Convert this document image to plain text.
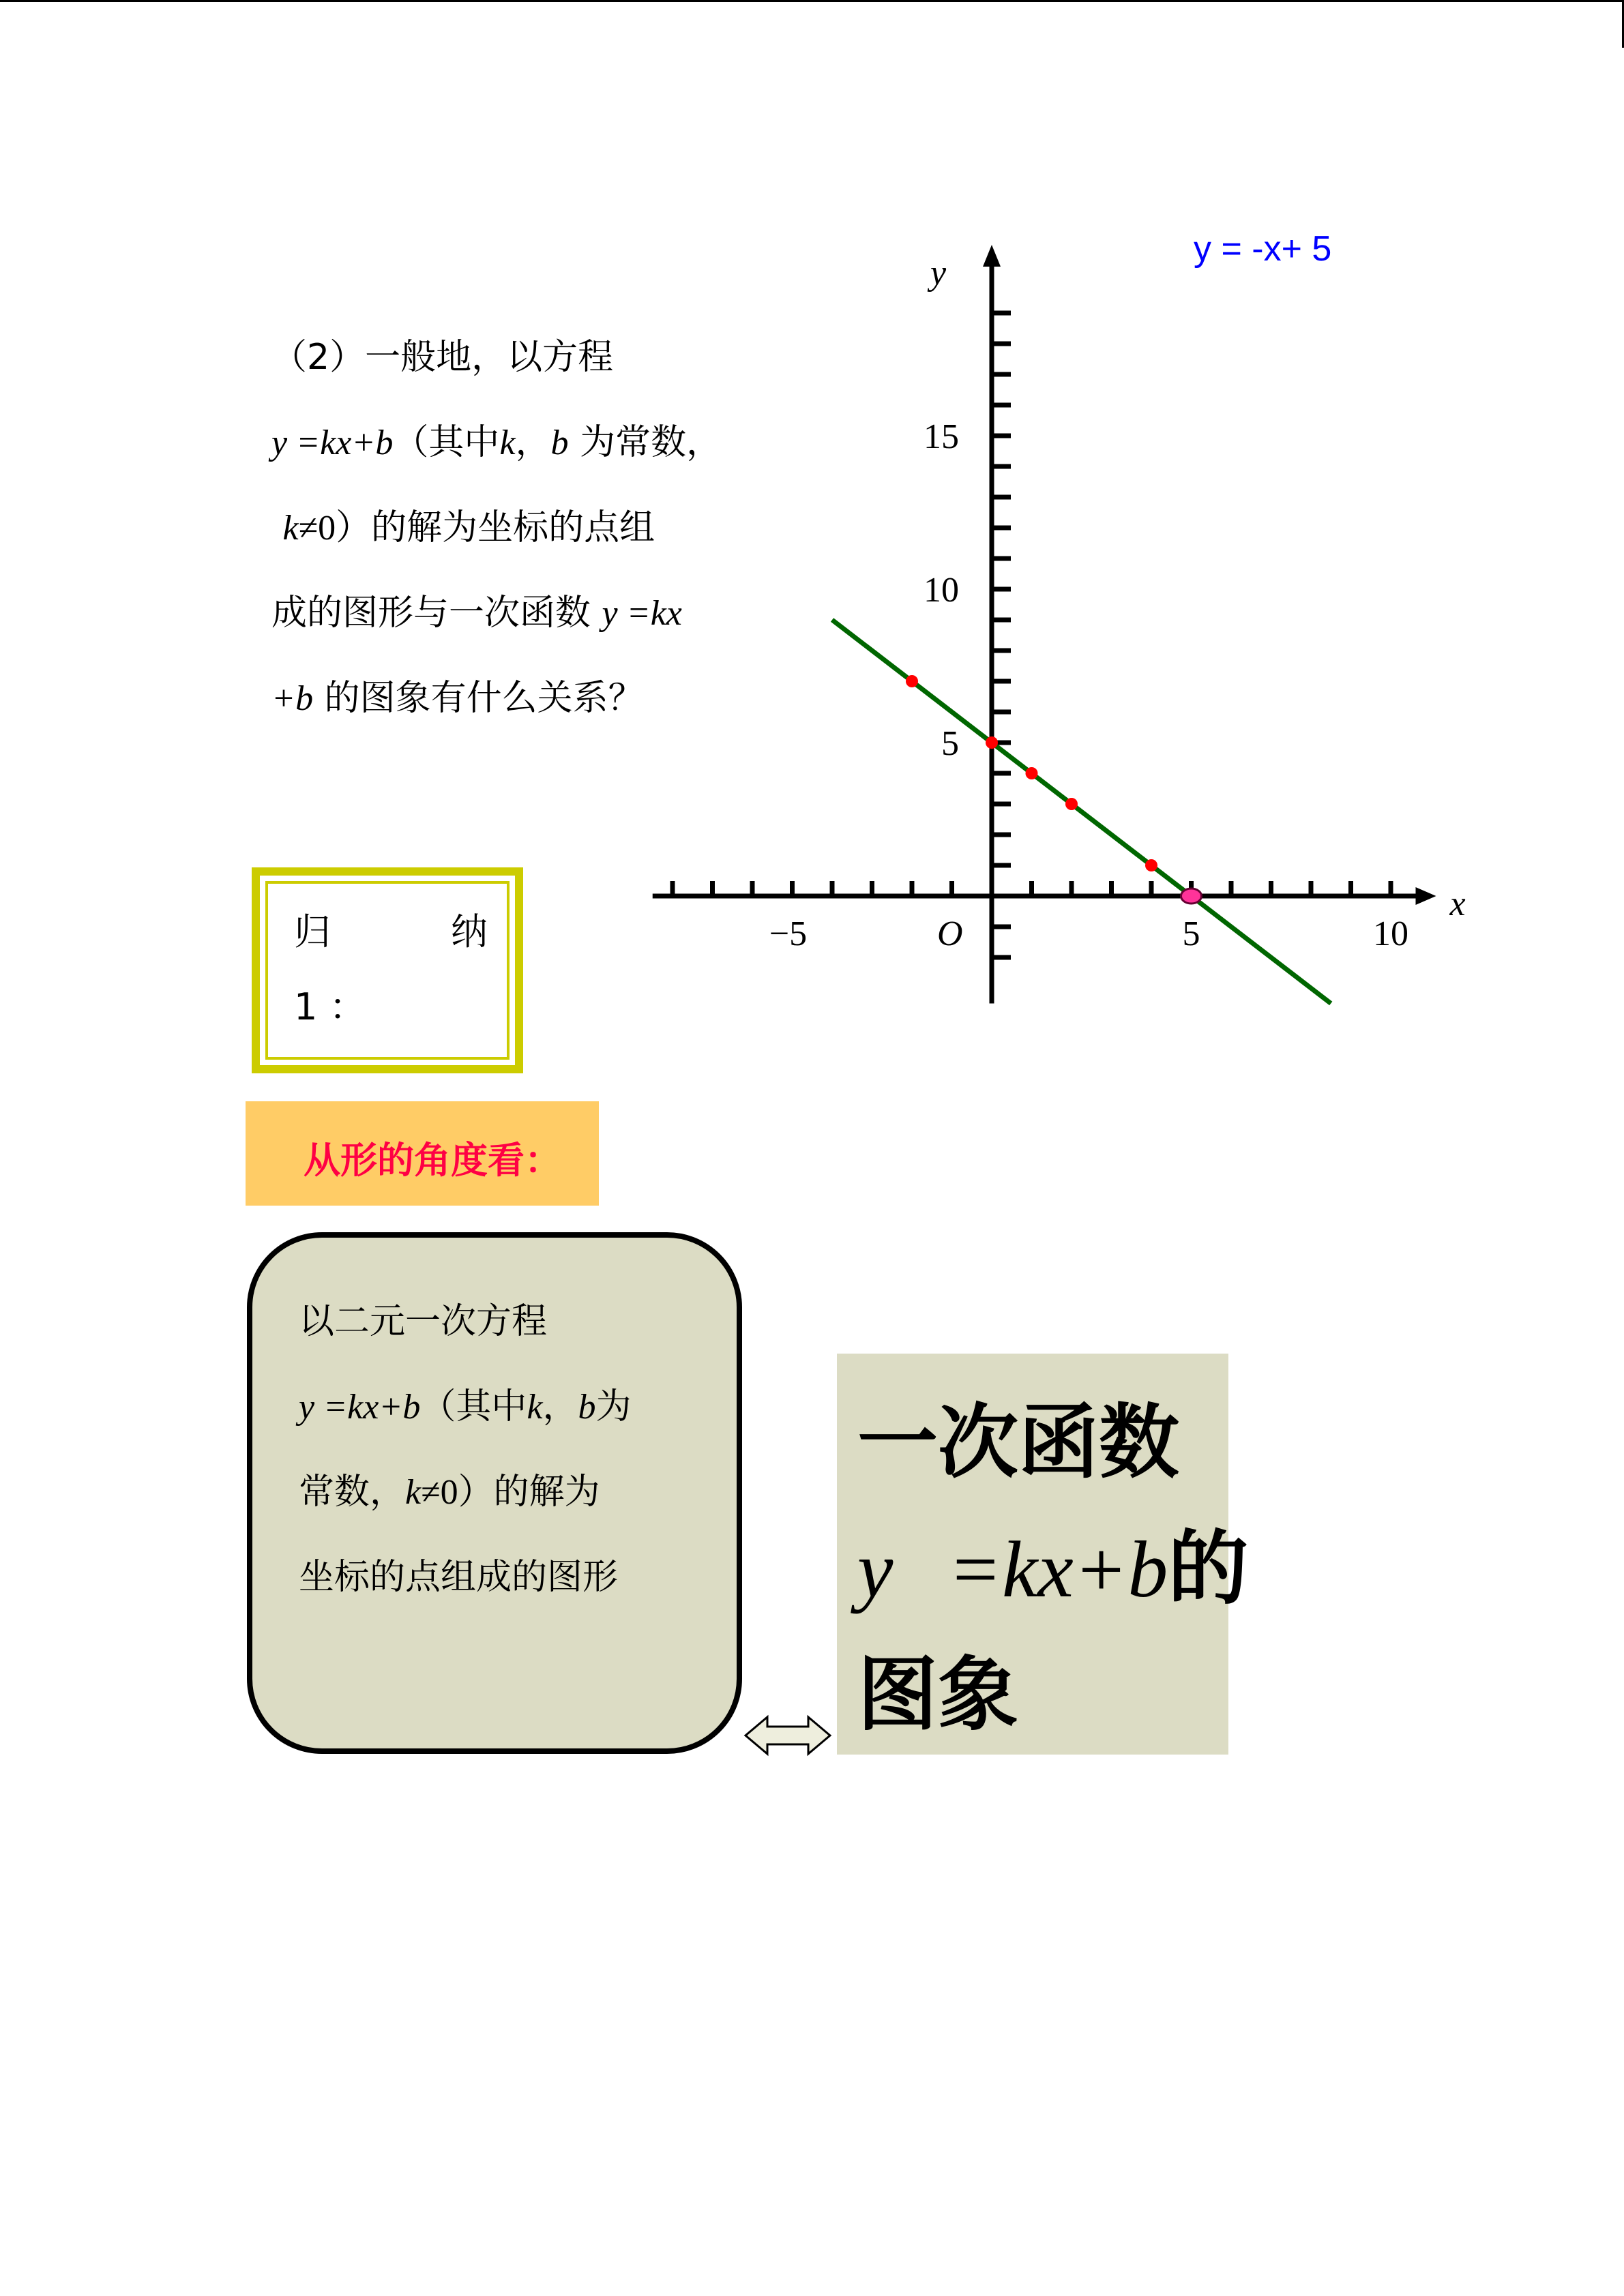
（2）一般地，以方程
y =kx+b（其中k，b 为常数，
k≠0）的解为坐标的点组
成的图形与一次函数 y =kx
+b 的图象有什么关系？
−5	5	10
5
10
15
O
x
y
y = -x+ 5
归	纳
1 ：
从形的角度看：
以二元一次方程
y =kx+b（其中k，b为
常数，k≠0）的解为
坐标的点组成的图形
一次函数
y =kx+b的
图象
